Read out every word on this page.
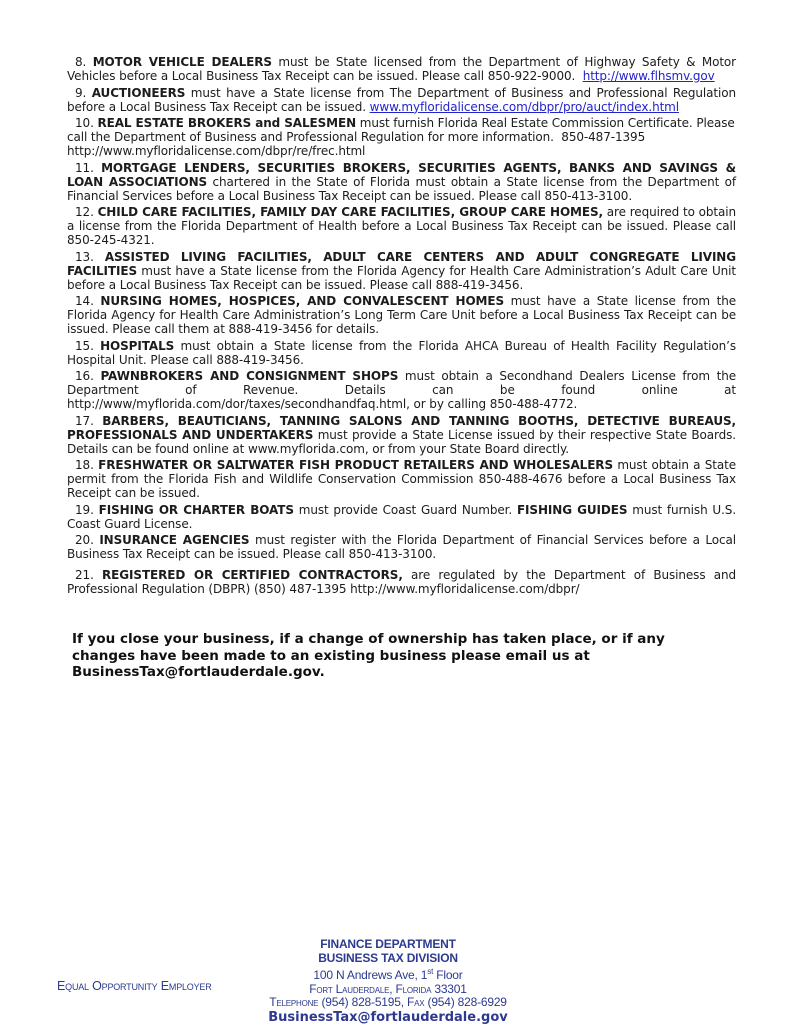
8. MOTOR VEHICLE DEALERS must be State licensed from the Department of Highway Safety & Motor Vehicles before a Local Business Tax Receipt can be issued. Please call 850-922-9000.  http://www.flhsmv.gov

9. AUCTIONEERS must have a State license from The Department of Business and Professional Regulation before a Local Business Tax Receipt can be issued. www.myfloridalicense.com/dbpr/pro/auct/index.html

10. REAL ESTATE BROKERS and SALESMEN must furnish Florida Real Estate Commission Certificate. Please call the Department of Business and Professional Regulation for more information.  850-487-1395
http://www.myfloridalicense.com/dbpr/re/frec.html

11. MORTGAGE LENDERS, SECURITIES BROKERS, SECURITIES AGENTS, BANKS AND SAVINGS & LOAN ASSOCIATIONS chartered in the State of Florida must obtain a State license from the Department of Financial Services before a Local Business Tax Receipt can be issued. Please call 850-413-3100.

12. CHILD CARE FACILITIES, FAMILY DAY CARE FACILITIES, GROUP CARE HOMES, are required to obtain a license from the Florida Department of Health before a Local Business Tax Receipt can be issued. Please call 850-245-4321.

13. ASSISTED LIVING FACILITIES, ADULT CARE CENTERS AND ADULT CONGREGATE LIVING FACILITIES must have a State license from the Florida Agency for Health Care Administration’s Adult Care Unit before a Local Business Tax Receipt can be issued. Please call 888-419-3456.

14. NURSING HOMES, HOSPICES, AND CONVALESCENT HOMES must have a State license from the Florida Agency for Health Care Administration’s Long Term Care Unit before a Local Business Tax Receipt can be issued. Please call them at 888-419-3456 for details.

15. HOSPITALS must obtain a State license from the Florida AHCA Bureau of Health Facility Regulation’s Hospital Unit. Please call 888-419-3456.

16. PAWNBROKERS AND CONSIGNMENT SHOPS must obtain a Secondhand Dealers License from the Department of Revenue. Details can be found online at http://www/myflorida.com/dor/taxes/secondhandfaq.html, or by calling 850-488-4772.

17. BARBERS, BEAUTICIANS, TANNING SALONS AND TANNING BOOTHS, DETECTIVE BUREAUS, PROFESSIONALS AND UNDERTAKERS must provide a State License issued by their respective State Boards. Details can be found online at www.myflorida.com, or from your State Board directly.

18. FRESHWATER OR SALTWATER FISH PRODUCT RETAILERS AND WHOLESALERS must obtain a State permit from the Florida Fish and Wildlife Conservation Commission 850-488-4676 before a Local Business Tax Receipt can be issued.

19. FISHING OR CHARTER BOATS must provide Coast Guard Number. FISHING GUIDES must furnish U.S. Coast Guard License.

20. INSURANCE AGENCIES must register with the Florida Department of Financial Services before a Local Business Tax Receipt can be issued. Please call 850-413-3100.

21. REGISTERED OR CERTIFIED CONTRACTORS, are regulated by the Department of Business and Professional Regulation (DBPR) (850) 487-1395 http://www.myfloridalicense.com/dbpr/

If you close your business, if a change of ownership has taken place, or if any changes have been made to an existing business please email us at BusinessTax@fortlauderdale.gov.

FINANCE DEPARTMENT
BUSINESS TAX DIVISION
100 N Andrews Ave, 1st Floor
Fort Lauderdale, Florida 33301
Telephone (954) 828-5195, Fax (954) 828-6929
BusinessTax@fortlauderdale.gov
Equal Opportunity Employer
